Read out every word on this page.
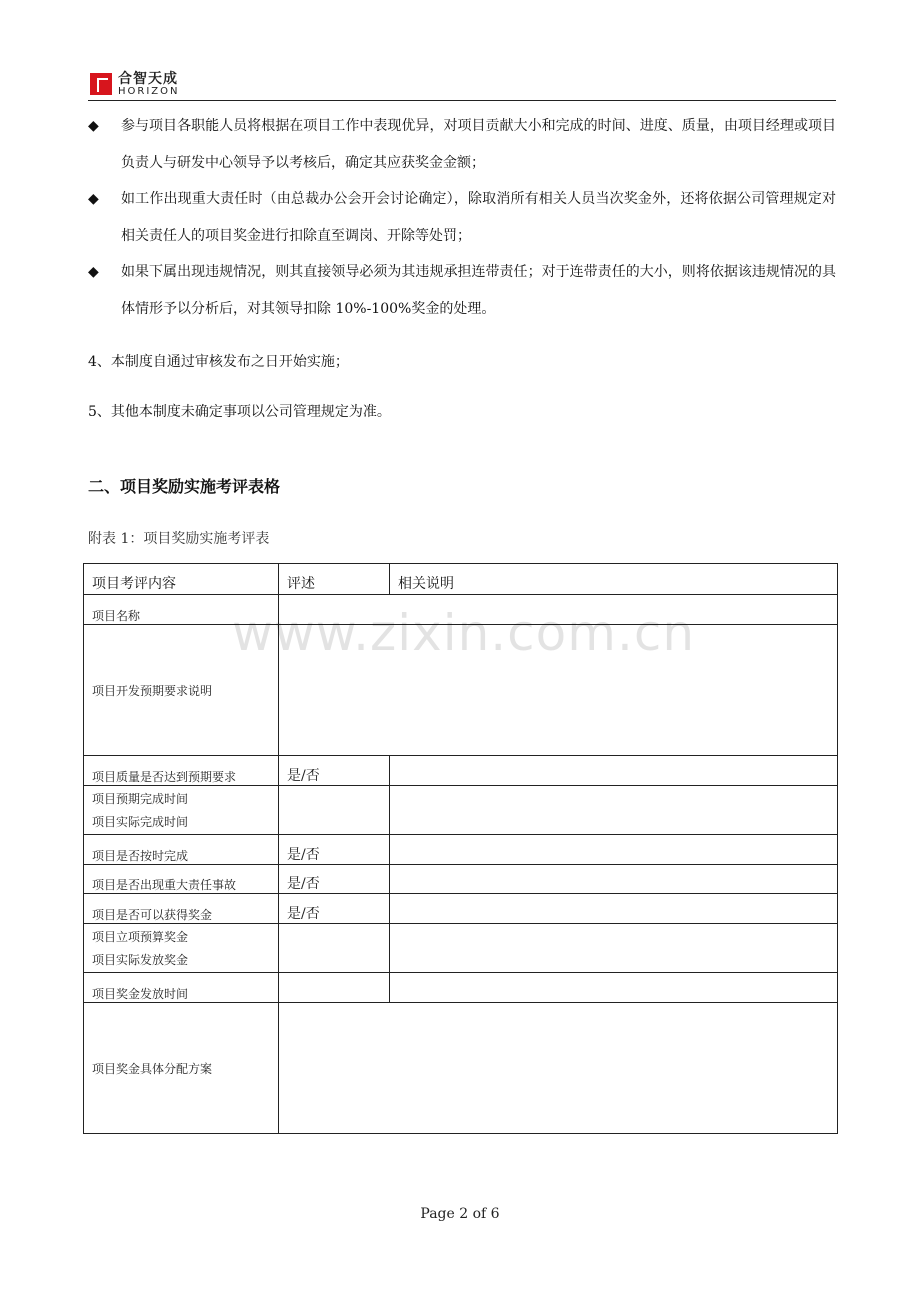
合智天成
HORIZON
◆	参与项目各职能人员将根据在项目工作中表现优异，对项目贡献大小和完成的时间、进度、质量，由项目经理或项目负责人与研发中心领导予以考核后，确定其应获奖金金额；
◆	如工作出现重大责任时（由总裁办公会开会讨论确定），除取消所有相关人员当次奖金外，还将依据公司管理规定对相关责任人的项目奖金进行扣除直至调岗、开除等处罚；
◆	如果下属出现违规情况，则其直接领导必须为其违规承担连带责任；对于连带责任的大小，则将依据该违规情况的具体情形予以分析后，对其领导扣除 10%-100%奖金的处理。
4、本制度自通过审核发布之日开始实施；
5、其他本制度未确定事项以公司管理规定为准。
二、项目奖励实施考评表格
附表 1：项目奖励实施考评表
项目考评内容	评述	相关说明
项目名称		
项目开发预期要求说明		
项目质量是否达到预期要求	是/否	

项目预期完成时间
项目实际完成时间		

项目是否按时完成	是/否	
项目是否出现重大责任事故	是/否	
项目是否可以获得奖金	是/否	

项目立项预算奖金
项目实际发放奖金		

项目奖金发放时间		
项目奖金具体分配方案		
www.zixin.com.cn
Page 2 of 6
